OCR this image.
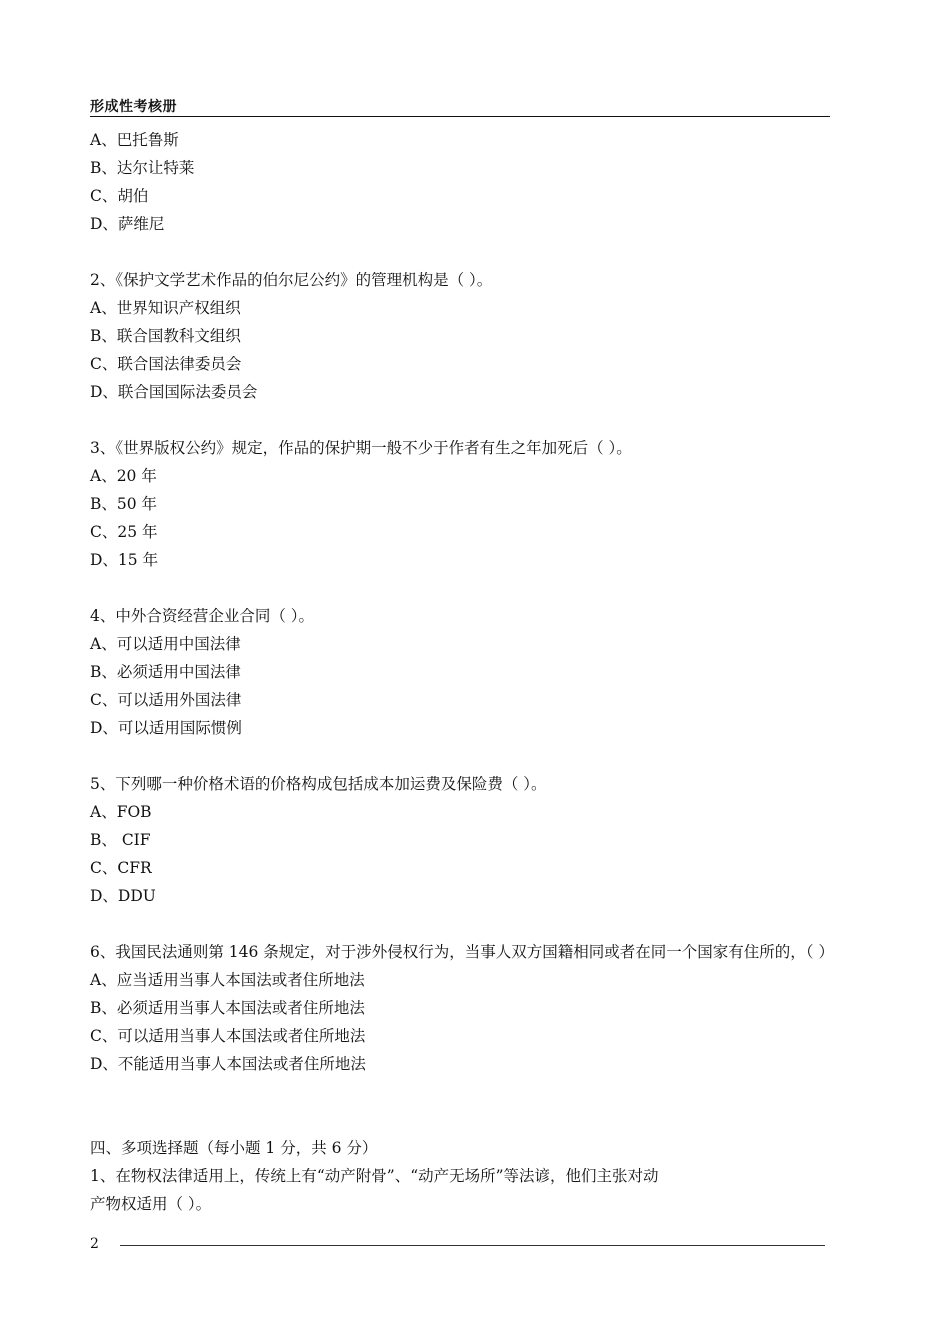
形成性考核册
A、巴托鲁斯
B、达尔让特莱
C、胡伯
D、萨维尼
2、《保护文学艺术作品的伯尔尼公约》的管理机构是（ ）。
A、世界知识产权组织
B、联合国教科文组织
C、联合国法律委员会
D、联合国国际法委员会
3、《世界版权公约》规定，作品的保护期一般不少于作者有生之年加死后（ ）。
A、20 年
B、50 年
C、25 年
D、15 年
4、中外合资经营企业合同（ ）。
A、可以适用中国法律
B、必须适用中国法律
C、可以适用外国法律
D、可以适用国际惯例
5、下列哪一种价格术语的价格构成包括成本加运费及保险费（ ）。
A、FOB
B、 CIF
C、CFR
D、DDU
6、我国民法通则第 146 条规定，对于涉外侵权行为，当事人双方国籍相同或者在同一个国家有住所的，（ ）
A、应当适用当事人本国法或者住所地法
B、必须适用当事人本国法或者住所地法
C、可以适用当事人本国法或者住所地法
D、不能适用当事人本国法或者住所地法
四、多项选择题（每小题 1 分，共 6 分）
1、在物权法律适用上，传统上有“动产附骨”、“动产无场所”等法谚，他们主张对动
产物权适用（ ）。
2
